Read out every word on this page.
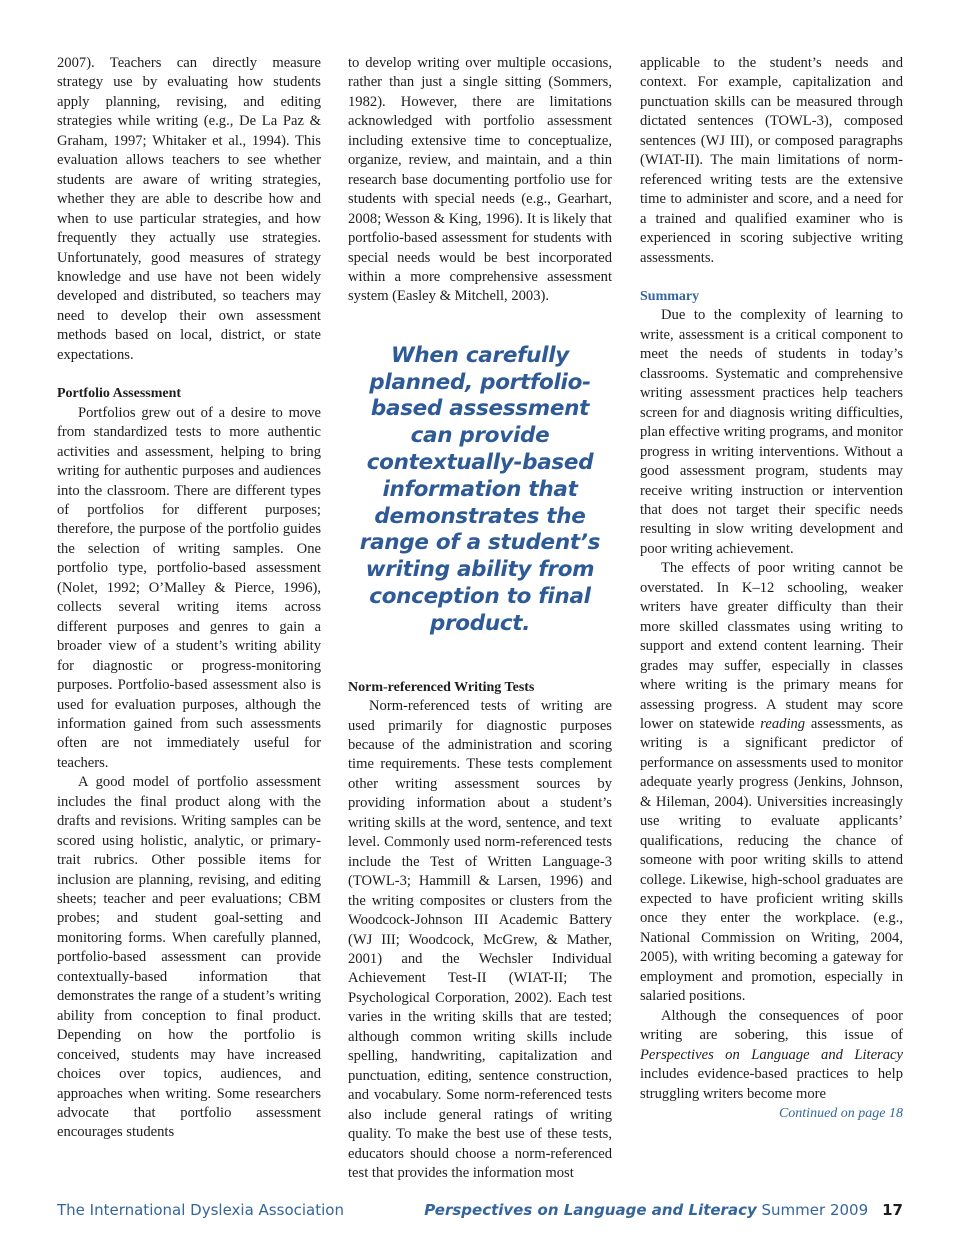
2007). Teachers can directly measure strategy use by evaluating how students apply planning, revising, and editing strategies while writing (e.g., De La Paz & Graham, 1997; Whitaker et al., 1994). This evaluation allows teachers to see whether students are aware of writing strategies, whether they are able to describe how and when to use particular strategies, and how frequently they actually use strategies. Unfortunately, good measures of strategy knowledge and use have not been widely developed and distributed, so teachers may need to develop their own assessment methods based on local, district, or state expectations.

Portfolio Assessment

Portfolios grew out of a desire to move from standardized tests to more authentic activities and assessment, helping to bring writing for authentic purposes and audiences into the classroom. There are different types of portfolios for different purposes; therefore, the purpose of the portfolio guides the selection of writing samples. One portfolio type, portfolio-based assessment (Nolet, 1992; O’Malley & Pierce, 1996), collects several writing items across different purposes and genres to gain a broader view of a student’s writing ability for diagnostic or progress-monitoring purposes. Portfolio-based assessment also is used for evaluation purposes, although the information gained from such assessments often are not immediately useful for teachers.

A good model of portfolio assessment includes the final product along with the drafts and revisions. Writing samples can be scored using holistic, analytic, or primary-trait rubrics. Other possible items for inclusion are planning, revising, and editing sheets; teacher and peer evaluations; CBM probes; and student goal-setting and monitoring forms. When carefully planned, portfolio-based assessment can provide contextually-based information that demonstrates the range of a student’s writing ability from conception to final product. Depending on how the portfolio is conceived, students may have increased choices over topics, audiences, and approaches when writing. Some researchers advocate that portfolio assessment encourages students

to develop writing over multiple occasions, rather than just a single sitting (Sommers, 1982). However, there are limitations acknowledged with portfolio assessment including extensive time to conceptualize, organize, review, and maintain, and a thin research base documenting portfolio use for students with special needs (e.g., Gearhart, 2008; Wesson & King, 1996). It is likely that portfolio-based assessment for students with special needs would be best incorporated within a more comprehensive assessment system (Easley & Mitchell, 2003).

When carefully planned, portfolio-based assessment can provide contextually-based information that demonstrates the range of a student’s writing ability from conception to final product.
Norm-referenced Writing Tests

Norm-referenced tests of writing are used primarily for diagnostic purposes because of the administration and scoring time requirements. These tests complement other writing assessment sources by providing information about a student’s writing skills at the word, sentence, and text level. Commonly used norm-referenced tests include the Test of Written Language-3 (TOWL-3; Hammill & Larsen, 1996) and the writing composites or clusters from the Woodcock-Johnson III Academic Battery (WJ III; Woodcock, McGrew, & Mather, 2001) and the Wechsler Individual Achievement Test-II (WIAT-II; The Psychological Corporation, 2002). Each test varies in the writing skills that are tested; although common writing skills include spelling, handwriting, capitalization and punctuation, editing, sentence construction, and vocabulary. Some norm-referenced tests also include general ratings of writing quality. To make the best use of these tests, educators should choose a norm-referenced test that provides the information most

applicable to the student’s needs and context. For example, capitalization and punctuation skills can be measured through dictated sentences (TOWL-3), composed sentences (WJ III), or composed paragraphs (WIAT-II). The main limitations of norm-referenced writing tests are the extensive time to administer and score, and a need for a trained and qualified examiner who is experienced in scoring subjective writing assessments.

Summary

Due to the complexity of learning to write, assessment is a critical component to meet the needs of students in today’s classrooms. Systematic and comprehensive writing assessment practices help teachers screen for and diagnosis writing difficulties, plan effective writing programs, and monitor progress in writing interventions. Without a good assessment program, students may receive writing instruction or intervention that does not target their specific needs resulting in slow writing development and poor writing achievement.

The effects of poor writing cannot be overstated. In K–12 schooling, weaker writers have greater difficulty than their more skilled classmates using writing to support and extend content learning. Their grades may suffer, especially in classes where writing is the primary means for assessing progress. A student may score lower on statewide reading assessments, as writing is a significant predictor of performance on assessments used to monitor adequate yearly progress (Jenkins, Johnson, & Hileman, 2004). Universities increasingly use writing to evaluate applicants’ qualifications, reducing the chance of someone with poor writing skills to attend college. Likewise, high-school graduates are expected to have proficient writing skills once they enter the workplace. (e.g., National Commission on Writing, 2004, 2005), with writing becoming a gateway for employment and promotion, especially in salaried positions.

Although the consequences of poor writing are sobering, this issue of Perspectives on Language and Literacy includes evidence-based practices to help struggling writers become more

Continued on page 18
The International Dyslexia Association	Perspectives on Language and Literacy Summer 2009 17
